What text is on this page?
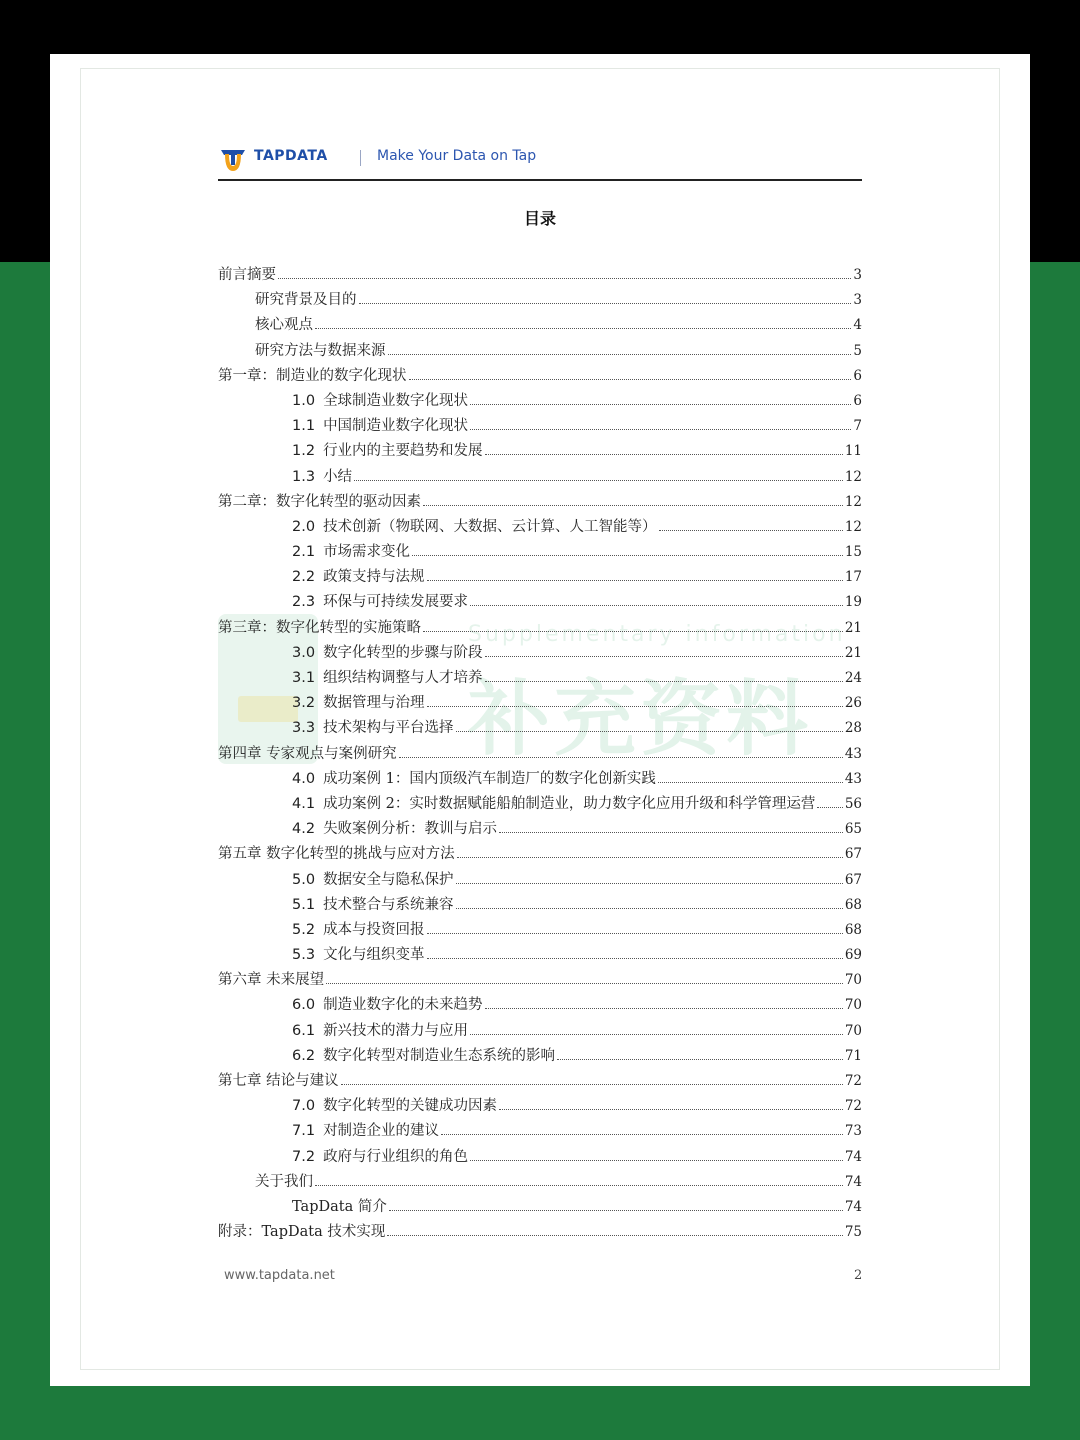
TAPDATA	Make Your Data on Tap
目录
Supplementary information
补充资料
前言摘要	3
研究背景及目的	3
核心观点	4
研究方法与数据来源	5
第一章：制造业的数字化现状	6
1.0 全球制造业数字化现状	6
1.1 中国制造业数字化现状	7
1.2 行业内的主要趋势和发展	11
1.3 小结	12
第二章：数字化转型的驱动因素	12
2.0 技术创新（物联网、大数据、云计算、人工智能等）	12
2.1 市场需求变化	15
2.2 政策支持与法规	17
2.3 环保与可持续发展要求	19
第三章：数字化转型的实施策略	21
3.0 数字化转型的步骤与阶段	21
3.1 组织结构调整与人才培养	24
3.2 数据管理与治理	26
3.3 技术架构与平台选择	28
第四章 专家观点与案例研究	43
4.0 成功案例 1：国内顶级汽车制造厂的数字化创新实践	43
4.1 成功案例 2：实时数据赋能船舶制造业，助力数字化应用升级和科学管理运营 56
4.2 失败案例分析：教训与启示	65
第五章 数字化转型的挑战与应对方法	67
5.0 数据安全与隐私保护	67
5.1 技术整合与系统兼容	68
5.2 成本与投资回报	68
5.3 文化与组织变革	69
第六章 未来展望	70
6.0 制造业数字化的未来趋势	70
6.1 新兴技术的潜力与应用	70
6.2 数字化转型对制造业生态系统的影响	71
第七章 结论与建议	72
7.0 数字化转型的关键成功因素	72
7.1 对制造企业的建议	73
7.2 政府与行业组织的角色	74
关于我们	74
TapData 简介	74
附录：TapData 技术实现	75
www.tapdata.net	2
